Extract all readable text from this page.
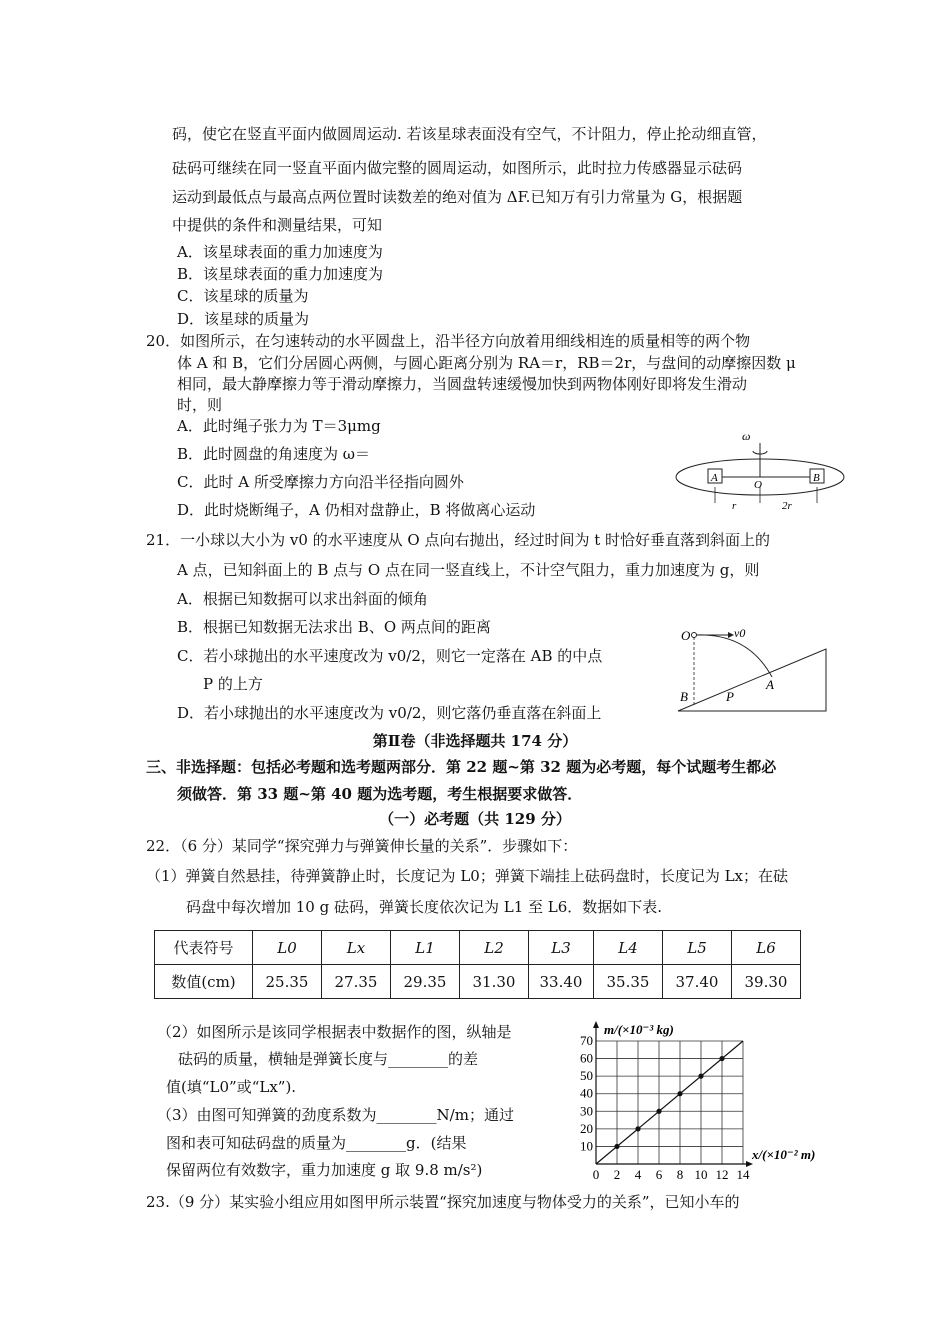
码，使它在竖直平面内做圆周运动. 若该星球表面没有空气，不计阻力，停止抡动细直管，
砝码可继续在同一竖直平面内做完整的圆周运动，如图所示，此时拉力传感器显示砝码
运动到最低点与最高点两位置时读数差的绝对值为 ΔF.已知万有引力常量为 G，根据题
中提供的条件和测量结果，可知
A．该星球表面的重力加速度为
B．该星球表面的重力加速度为
C．该星球的质量为
D．该星球的质量为
20．如图所示，在匀速转动的水平圆盘上，沿半径方向放着用细线相连的质量相等的两个物
体 A 和 B，它们分居圆心两侧，与圆心距离分别为 RA＝r，RB＝2r，与盘间的动摩擦因数 μ
相同，最大静摩擦力等于滑动摩擦力，当圆盘转速缓慢加快到两物体刚好即将发生滑动
时，则
A．此时绳子张力为 T＝3μmg
B．此时圆盘的角速度为 ω＝
C．此时 A 所受摩擦力方向沿半径指向圆外
D．此时烧断绳子，A 仍相对盘静止，B 将做离心运动
ω
A	B
O
r	2r
21．一小球以大小为 v0 的水平速度从 O 点向右抛出，经过时间为 t 时恰好垂直落到斜面上的
A 点，已知斜面上的 B 点与 O 点在同一竖直线上，不计空气阻力，重力加速度为 g，则
A．根据已知数据可以求出斜面的倾角
B．根据已知数据无法求出 B、O 两点间的距离
C．若小球抛出的水平速度改为 v0/2，则它一定落在 AB 的中点
P 的上方
D．若小球抛出的水平速度改为 v0/2，则它落仍垂直落在斜面上
O	v0
A
B	P
第Ⅱ卷（非选择题共 174 分）
三、非选择题：包括必考题和选考题两部分．第 22 题~第 32 题为必考题，每个试题考生都必
须做答．第 33 题~第 40 题为选考题，考生根据要求做答．
（一）必考题（共 129 分）
22．（6 分）某同学“探究弹力与弹簧伸长量的关系”．步骤如下：
（1）弹簧自然悬挂，待弹簧静止时，长度记为 L0；弹簧下端挂上砝码盘时，长度记为 Lx；在砝
码盘中每次增加 10 g 砝码，弹簧长度依次记为 L1 至 L6．数据如下表.
代表符号	L0	Lx	L1	L2	L3	L4	L5	L6
数值(cm)	25.35	27.35	29.35	31.30	33.40	35.35	37.40	39.30
（2）如图所示是该同学根据表中数据作的图，纵轴是
砝码的质量，横轴是弹簧长度与________的差
值(填“L0”或“Lx”).
（3）由图可知弹簧的劲度系数为________N/m；通过
图和表可知砝码盘的质量为________g．(结果
保留两位有效数字，重力加速度 g 取 9.8 m/s²)
m/(×10⁻³ kg)
x/(×10⁻² m)
0 2 4 6 8 10 12 14
10
20
30
40
50
60
70
23.（9 分）某实验小组应用如图甲所示装置“探究加速度与物体受力的关系”，已知小车的
